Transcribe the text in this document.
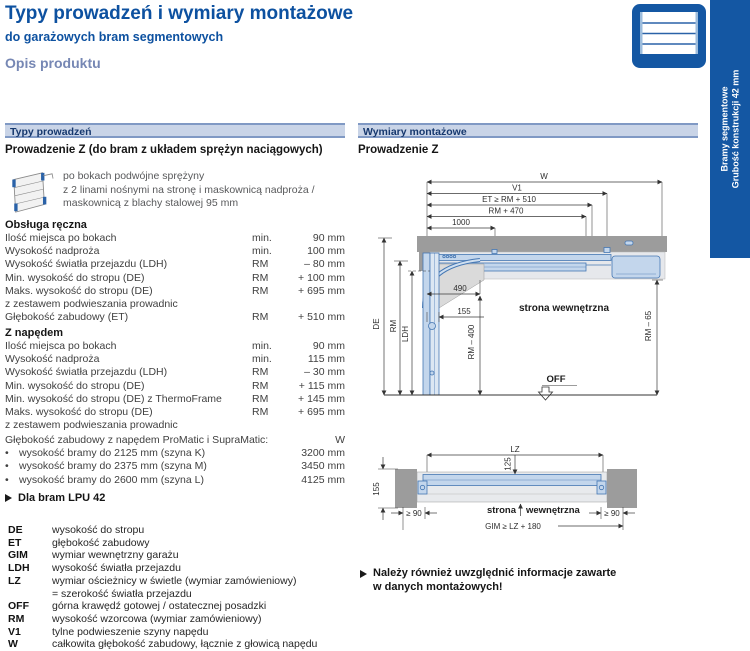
Typy prowadzeń i wymiary montażowe
do garażowych bram segmentowych
Opis produktu
Bramy segmentowe Grubość konstrukcji 42 mm
Typy prowadzeń	Wymiary montażowe
Prowadzenie Z (do bram z układem sprężyn naciągowych)	Prowadzenie Z
po bokach podwójne sprężyny
z 2 linami nośnymi na stronę i maskownicą nadproża /
maskownicą z blachy stalowej 95 mm
Obsługa ręczna
Ilość miejsca po bokach	min.	90 mm
Wysokość nadproża	min.	100 mm
Wysokość światła przejazdu (LDH)	RM	– 80 mm
Min. wysokość do stropu (DE)	RM	+ 100 mm
Maks. wysokość do stropu (DE)	RM	+ 695 mm
z zestawem podwieszania prowadnic
Głębokość zabudowy (ET)	RM	+ 510 mm
Z napędem
Ilość miejsca po bokach	min.	90 mm
Wysokość nadproża	min.	115 mm
Wysokość światła przejazdu (LDH)	RM	– 30 mm
Min. wysokość do stropu (DE)	RM	+ 115 mm
Min. wysokość do stropu (DE) z ThermoFrame	RM	+ 145 mm
Maks. wysokość do stropu (DE)	RM	+ 695 mm
z zestawem podwieszania prowadnic
Głębokość zabudowy z napędem ProMatic i SupraMatic:	W
•
wysokość bramy do 2125 mm (szyna K)	3200 mm
•
wysokość bramy do 2375 mm (szyna M)	3450 mm
•
wysokość bramy do 2600 mm (szyna L)	4125 mm
Dla bram LPU 42
DE	wysokość do stropu
ET	głębokość zabudowy
GIM	wymiar wewnętrzny garażu
LDH	wysokość światła przejazdu
LZ	wymiar ościeżnicy w świetle (wymiar zamówieniowy)
= szerokość światła przejazdu
OFF	górna krawędź gotowej / ostatecznej posadzki
RM	wysokość wzorcowa (wymiar zamówieniowy)
V1	tylne podwieszenie szyny napędu
W	całkowita głębokość zabudowy, łącznie z głowicą napędu
W
V1
ET ≥ RM + 510
RM + 470
1000
DE RM LDH
490
155
RM – 400	RM – 65
strona wewnętrzna
OFF
LZ
155
125
strona wewnętrzna
≥ 90	≥ 90
GIM ≥ LZ + 180
Należy również uwzględnić informacje zawarte
w danych montażowych!
